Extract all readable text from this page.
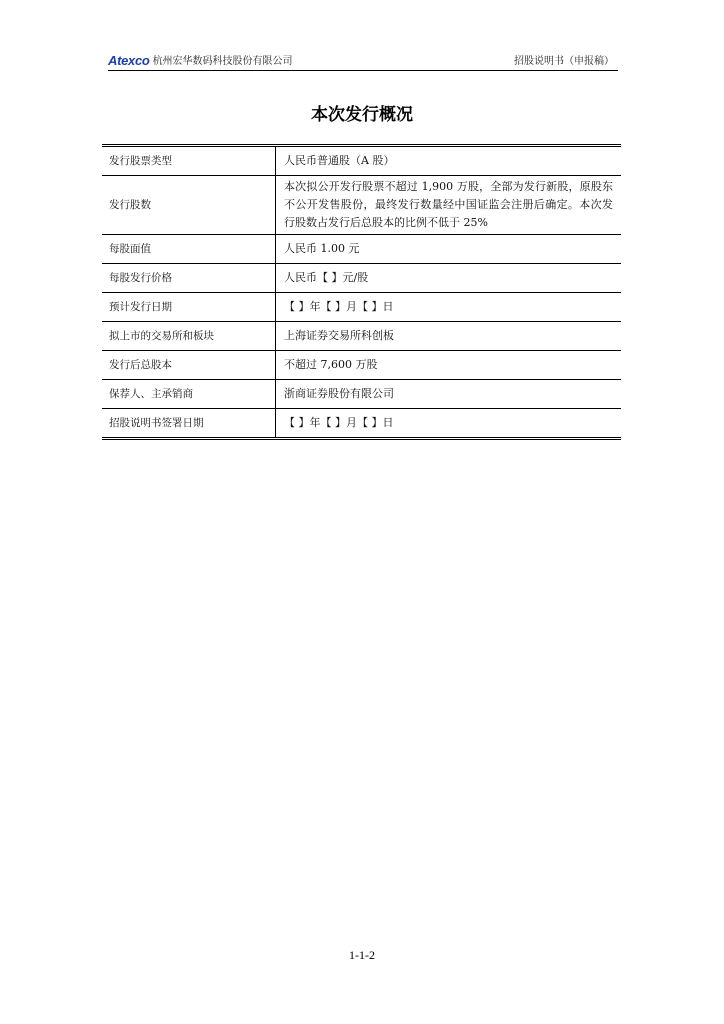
Atexco 杭州宏华数码科技股份有限公司	招股说明书（申报稿）
本次发行概况
发行股票类型	人民币普通股（A 股）
发行股数	本次拟公开发行股票不超过 1,900 万股，全部为发行新股，原股东不公开发售股份，最终发行数量经中国证监会注册后确定。本次发行股数占发行后总股本的比例不低于 25%
每股面值	人民币 1.00 元
每股发行价格	人民币【 】元/股
预计发行日期	【 】年【 】月【 】日
拟上市的交易所和板块	上海证券交易所科创板
发行后总股本	不超过 7,600 万股
保荐人、主承销商	浙商证券股份有限公司
招股说明书签署日期	【 】年【 】月【 】日
1-1-2
